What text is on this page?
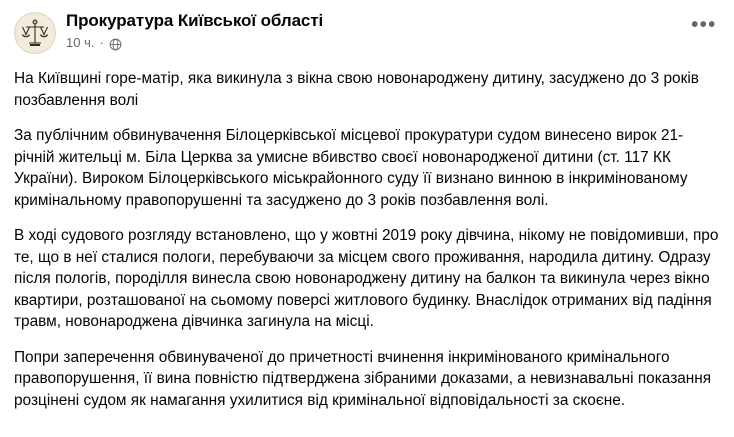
Прокуратура Київської області
10 ч. ·
•••

На Київщині горе-матір, яка викинула з вікна свою новонароджену дитину, засуджено до 3 років позбавлення волі

За публічним обвинувачення Білоцерківської місцевої прокуратури судом винесено вирок 21-річній жительці м. Біла Церква за умисне вбивство своєї новонародженої дитини (ст. 117 КК України). Вироком Білоцерківського міськрайонного суду її визнано винною в інкримінованому кримінальному правопорушенні та засуджено до 3 років позбавлення волі.

В ході судового розгляду встановлено, що у жовтні 2019 року дівчина, нікому не повідомивши, про те, що в неї сталися пологи, перебуваючи за місцем свого проживання, народила дитину. Одразу після пологів, породілля винесла свою новонароджену дитину на балкон та викинула через вікно квартири, розташованої на сьомому поверсі житлового будинку. Внаслідок отриманих від падіння травм, новонароджена дівчинка загинула на місці.

Попри заперечення обвинуваченої до причетності вчинення інкримінованого кримінального правопорушення, її вина повністю підтверджена зібраними доказами, а невизнавальні показання розцінені судом як намагання ухилитися від кримінальної відповідальності за скоєне.
